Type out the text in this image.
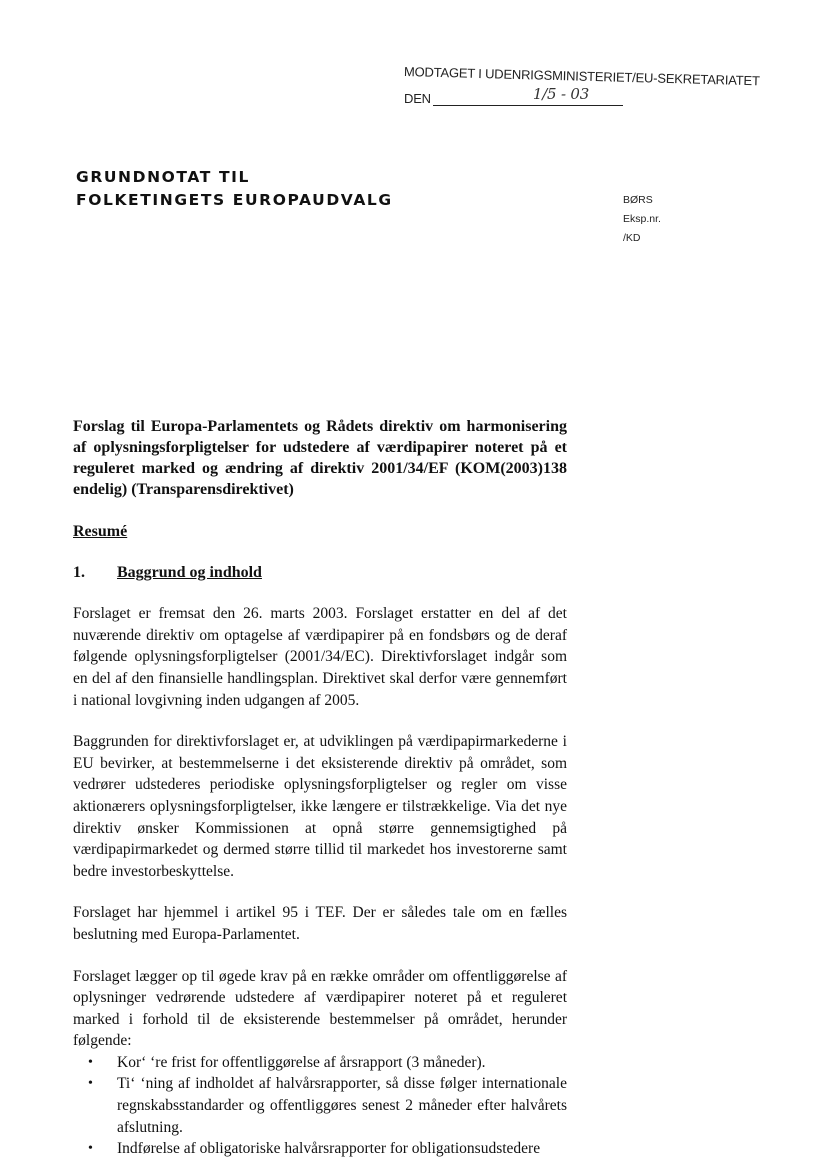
MODTAGET I UDENRIGSMINISTERIET/EU-SEKRETARIATET
DEN	1/5 - 03
GRUNDNOTAT TIL
FOLKETINGETS EUROPAUDVALG	BØRS
Eksp.nr.
/KD

Forslag til Europa-Parlamentets og Rådets direktiv om harmonisering af oplysningsforpligtelser for udstedere af værdipapirer noteret på et reguleret marked og ændring af direktiv 2001/34/EF (KOM(2003)138 endelig) (Transparensdirektivet)

Resumé
1.	Baggrund og indhold

Forslaget er fremsat den 26. marts 2003. Forslaget erstatter en del af det nuværende direktiv om optagelse af værdipapirer på en fondsbørs og de deraf følgende oplysningsforpligtelser (2001/34/EC). Direktivforslaget indgår som en del af den finansielle handlingsplan. Direktivet skal derfor være gennemført i national lovgivning inden udgangen af 2005.

Baggrunden for direktivforslaget er, at udviklingen på værdipapirmarkederne i EU bevirker, at bestemmelserne i det eksisterende direktiv på området, som vedrører udstederes periodiske oplysningsforpligtelser og regler om visse aktionærers oplysningsforpligtelser, ikke længere er tilstrækkelige. Via det nye direktiv ønsker Kommissionen at opnå større gennemsigtighed på værdipapirmarkedet og dermed større tillid til markedet hos investorerne samt bedre investorbeskyttelse.

Forslaget har hjemmel i artikel 95 i TEF. Der er således tale om en fælles beslutning med Europa-Parlamentet.

Forslaget lægger op til øgede krav på en række områder om offentliggørelse af oplysninger vedrørende udstedere af værdipapirer noteret på et reguleret marked i forhold til de eksisterende bestemmelser på området, herunder følgende:

• Kor‘ ‘re frist for offentliggørelse af årsrapport (3 måneder).
• Ti‘ ‘ning af indholdet af halvårsrapporter, så disse følger internationale regnskabsstandarder og offentliggøres senest 2 måneder efter halvårets afslutning.
• Indførelse af obligatoriske halvårsrapporter for obligationsudstedere
